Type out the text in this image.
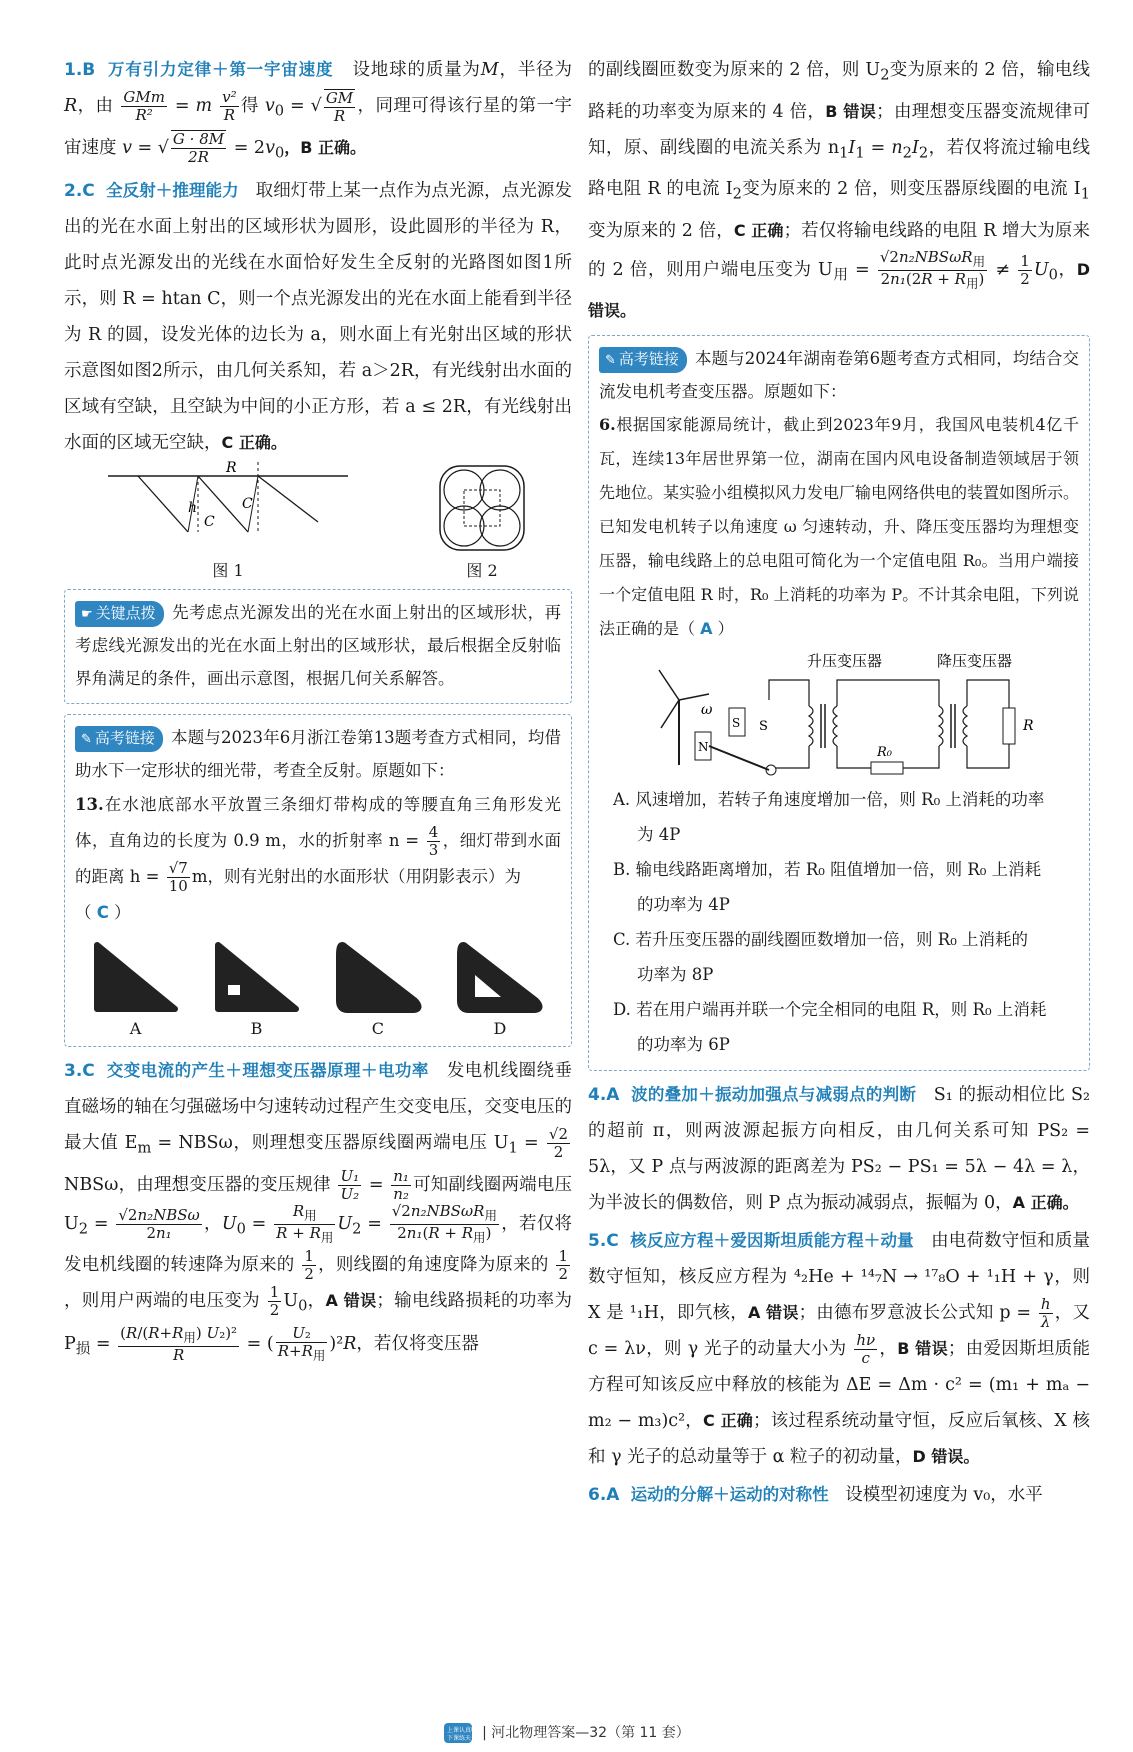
1.B 万有引力定律＋第一宇宙速度 设地球的质量为M，半径为R，由 $\frac{\text{GMm}}{\text{R²}} = m \frac{\text{v²}}{R}$ 得 $v_0$ = √ $\frac{GM}{R}$ ，同理可得该行星的第一宇宙速度 v = √ $\frac{G \cdot 8M}{2R} = 2v_0$，B 正确。

2.C 全反射＋推理能力 取细灯带上某一点作为点光源，点光源发出的光在水面上射出的区域形状为圆形，设此圆形的半径为 R，此时点光源发出的光线在水面恰好发生全反射的光路图如图1所示，则 R = htan C，则一个点光源发出的光在水面上能看到半径为 R 的圆，设发光体的边长为 a，则水面上有光射出区域的形状示意图如图2所示，由几何关系知，若 a＞2R，有光线射出水面的区域有空缺，且空缺为中间的小正方形，若 a ≤ 2R，有光线射出水面的区域无空缺，C 正确。

R
h
C
C
图 1	图 2

☛ 关键点拨 先考虑点光源发出的光在水面上射出的区域形状，再考虑线光源发出的光在水面上射出的区域形状，最后根据全反射临界角满足的条件，画出示意图，根据几何关系解答。

✎ 高考链接 本题与2023年6月浙江卷第13题考查方式相同，均借助水下一定形状的细光带，考查全反射。原题如下：

13.在水池底部水平放置三条细灯带构成的等腰直角三角形发光体，直角边的长度为 0.9 m，水的折射率 $n = \frac{4}{3}$ ，细灯带到水面的距离 $h = \frac{√7}{10}$ m，则有光射出的水面形状（用阴影表示）为
（ C ）

A	B	C	D

3.C 交变电流的产生＋理想变压器原理＋电功率 发电机线圈绕垂直磁场的轴在匀强磁场中匀速转动过程产生交变电压，交变电压的最大值 $E_m = NBS\omega$，则理想变压器原线圈两端电压 $U_1 = \frac{√2}{2}$
NBSω，由理想变压器的变压规律 $\frac{\text{U₁}}{\text{U₂}} = \frac{\text{n₁}}{\text{n₂}}$ 可知副线圈两端电压 $U_2 = \frac{\text{√2n₂NBSω}}{\text{2n₁}}$ ，$U_0 = \frac{R_用}{R + R_用} U_2 = \frac{√2n_2NBS\omega R_用}{2n_1(R + R_用)}$ ，若仅将发电机线圈的转速降为原来的 $\frac{1}{2}$ ，则线圈的角速度降为原来的 $\frac{1}{2}$
，则用户两端的电压变为 $\frac{1}{2} U_0$，A 错误；输电线路损耗的功率为 $P_损 = \frac{(R/(R+R_用) U_2)^2}{R}$ = ( $\frac{\text{U₂}}{R+R_用} )^2R$，若仅将变压器

的副线圈匝数变为原来的 2 倍，则 $U_2$变为原来的 2 倍，输电线路耗的功率变为原来的 4 倍，B 错误；由理想变压器变流规律可知，原、副线圈的电流关系为 $n_1I_1 = n_2I_2$，若仅将流过输电线路电阻 R 的电流 $I_2$变为原来的 2 倍，则变压器原线圈的电流 $I_1$变为原来的 2 倍，C 正确；若仅将输电线路的电阻 R 增大为原来的 2 倍，则用户端电压变为 $U_用 = \frac{√2n_2NBS\omega R_用}{2n_1(2R + R_用)} \ne \frac{1}{2} U_0$，D 错误。

✎ 高考链接 本题与2024年湖南卷第6题考查方式相同，均结合交流发电机考查变压器。原题如下：

6.根据国家能源局统计，截止到2023年9月，我国风电装机4亿千瓦，连续13年居世界第一位，湖南在国内风电设备制造领域居于领先地位。某实验小组模拟风力发电厂输电网络供电的装置如图所示。已知发电机转子以角速度 ω 匀速转动，升、降压变压器均为理想变压器，输电线路上的总电阻可简化为一个定值电阻 R₀。当用户端接一个定值电阻 R 时，R₀ 上消耗的功率为 P。不计其余电阻，下列说法正确的是（ A ）

升压变压器	降压变压器
ω
N
S S
R₀
R
A. 风速增加，若转子角速度增加一倍，则 R₀ 上消耗的功率
为 4P
B. 输电线路距离增加，若 R₀ 阻值增加一倍，则 R₀ 上消耗
的功率为 4P
C. 若升压变压器的副线圈匝数增加一倍，则 R₀ 上消耗的
功率为 8P
D. 若在用户端再并联一个完全相同的电阻 R，则 R₀ 上消耗
的功率为 6P

4.A 波的叠加＋振动加强点与减弱点的判断 S₁ 的振动相位比 S₂ 的超前 π，则两波源起振方向相反，由几何关系可知 PS₂ = 5λ，又 P 点与两波源的距离差为 PS₂ − PS₁ = 5λ − 4λ = λ，为半波长的偶数倍，则 P 点为振动减弱点，振幅为 0，A 正确。

5.C 核反应方程＋爱因斯坦质能方程＋动量 由电荷数守恒和质量数守恒知，核反应方程为 ⁴₂He + ¹⁴₇N → ¹⁷₈O + ¹₁H + γ，则 X 是 ¹₁H，即氕核，A 错误；由德布罗意波长公式知 $p = \frac{h}{\lambda}$ ，又 c = λν，则 γ 光子的动量大小为 $\frac{h\nu}{c}$ ，B 错误；由爱因斯坦质能方程可知该反应中释放的核能为 ΔE = Δm · c² = (m₁ + mₐ − m₂ − m₃)c²，C 正确；该过程系统动量守恒，反应后氧核、X 核和 γ 光子的总动量等于 α 粒子的初动量，D 错误。

6.A 运动的分解＋运动的对称性 设模型初速度为 v₀，水平

上课认真听
下课练天天
| 河北物理答案—32（第 11 套）
